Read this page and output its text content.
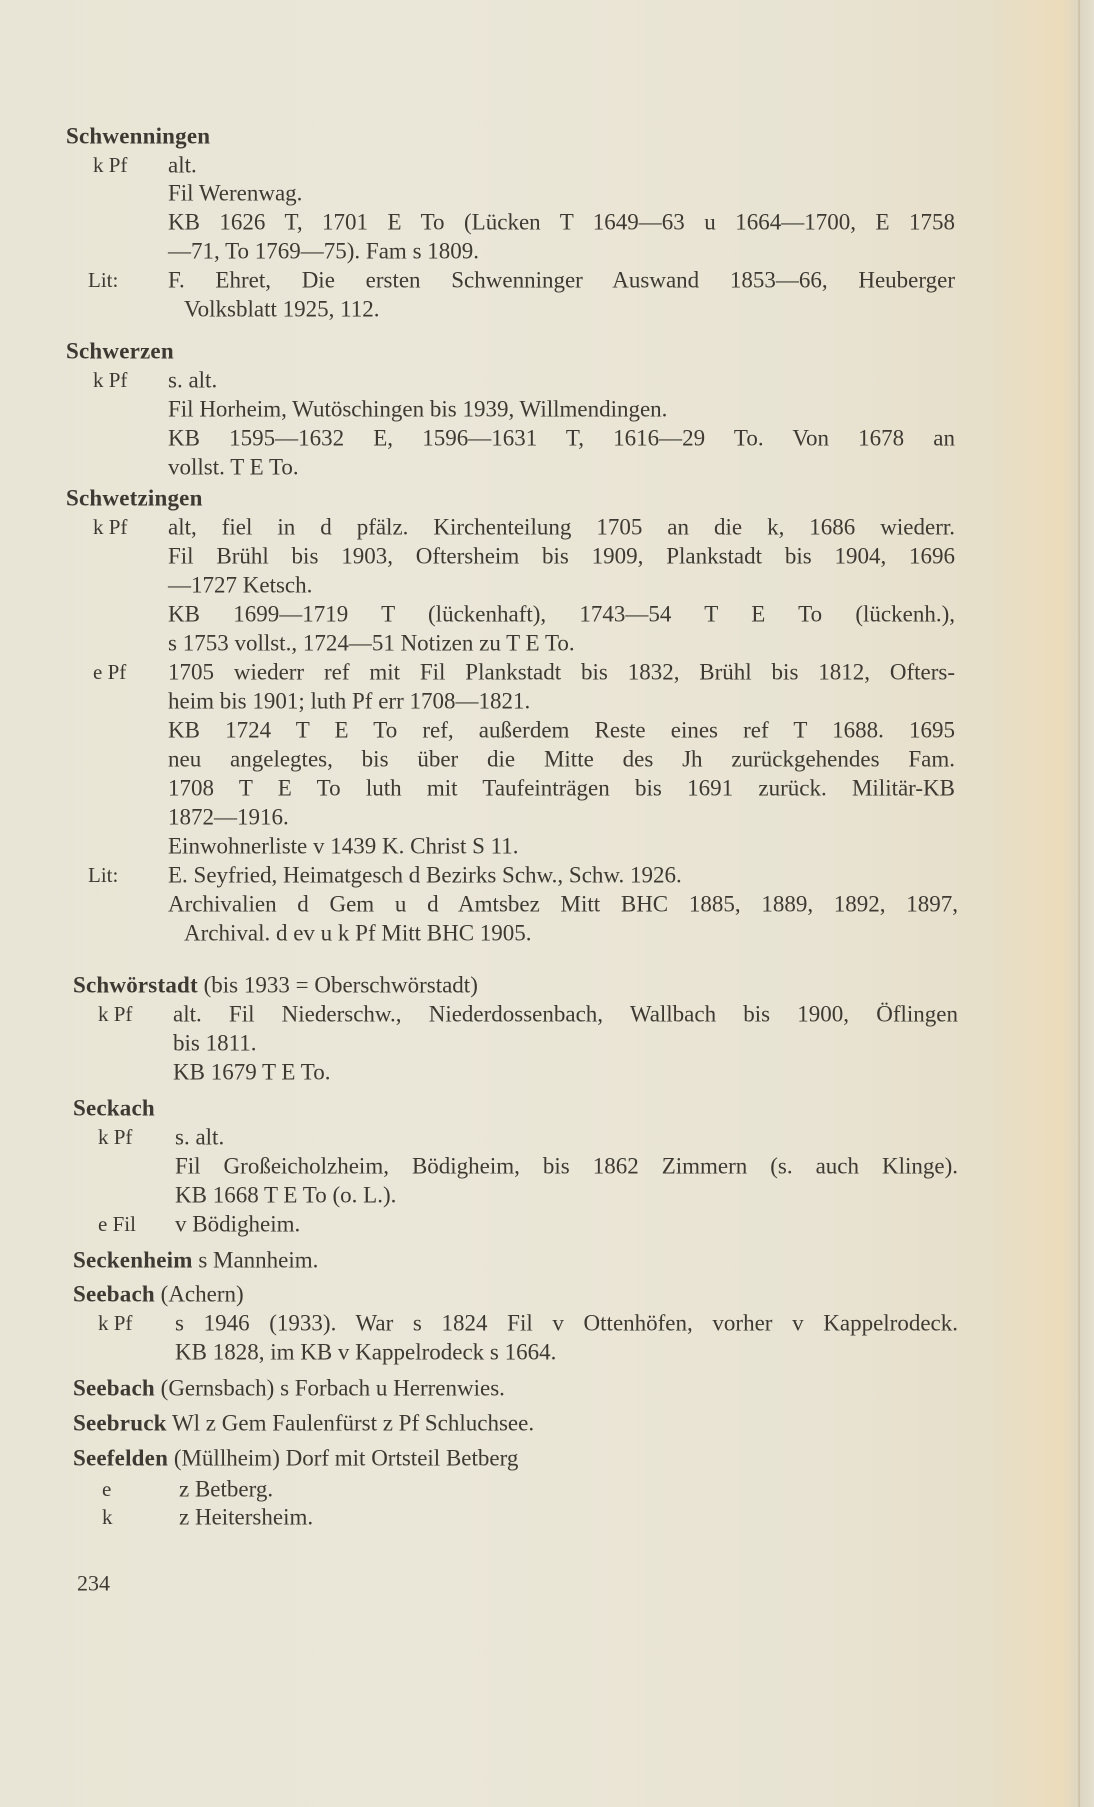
Schwenningen
k Pf alt.
Fil Werenwag.
KB 1626 T, 1701 E To (Lücken T 1649—63 u 1664—1700, E 1758
—71, To 1769—75). Fam s 1809.
Lit: F. Ehret, Die ersten Schwenninger Auswand 1853—66, Heuberger
Volksblatt 1925, 112.
Schwerzen
k Pf s. alt.
Fil Horheim, Wutöschingen bis 1939, Willmendingen.
KB 1595—1632 E, 1596—1631 T, 1616—29 To. Von 1678 an
vollst. T E To.
Schwetzingen
k Pf alt, fiel in d pfälz. Kirchenteilung 1705 an die k, 1686 wiederr.
Fil Brühl bis 1903, Oftersheim bis 1909, Plankstadt bis 1904, 1696
—1727 Ketsch.
KB 1699—1719 T (lückenhaft), 1743—54 T E To (lückenh.),
s 1753 vollst., 1724—51 Notizen zu T E To.
e Pf 1705 wiederr ref mit Fil Plankstadt bis 1832, Brühl bis 1812, Ofters-
heim bis 1901; luth Pf err 1708—1821.
KB 1724 T E To ref, außerdem Reste eines ref T 1688. 1695
neu angelegtes, bis über die Mitte des Jh zurückgehendes Fam.
1708 T E To luth mit Taufeinträgen bis 1691 zurück. Militär-KB
1872—1916.
Einwohnerliste v 1439 K. Christ S 11.
Lit: E. Seyfried, Heimatgesch d Bezirks Schw., Schw. 1926.
Archivalien d Gem u d Amtsbez Mitt BHC 1885, 1889, 1892, 1897,
Archival. d ev u k Pf Mitt BHC 1905.
Schwörstadt (bis 1933 = Oberschwörstadt)
k Pf alt. Fil Niederschw., Niederdossenbach, Wallbach bis 1900, Öflingen
bis 1811.
KB 1679 T E To.
Seckach
k Pf s. alt.
Fil Großeicholzheim, Bödigheim, bis 1862 Zimmern (s. auch Klinge).
KB 1668 T E To (o. L.).
e Fil v Bödigheim.
Seckenheim s Mannheim.
Seebach (Achern)
k Pf s 1946 (1933). War s 1824 Fil v Ottenhöfen, vorher v Kappelrodeck.
KB 1828, im KB v Kappelrodeck s 1664.
Seebach (Gernsbach) s Forbach u Herrenwies.
Seebruck Wl z Gem Faulenfürst z Pf Schluchsee.
Seefelden (Müllheim) Dorf mit Ortsteil Betberg
e	z Betberg.
k	z Heitersheim.
234
